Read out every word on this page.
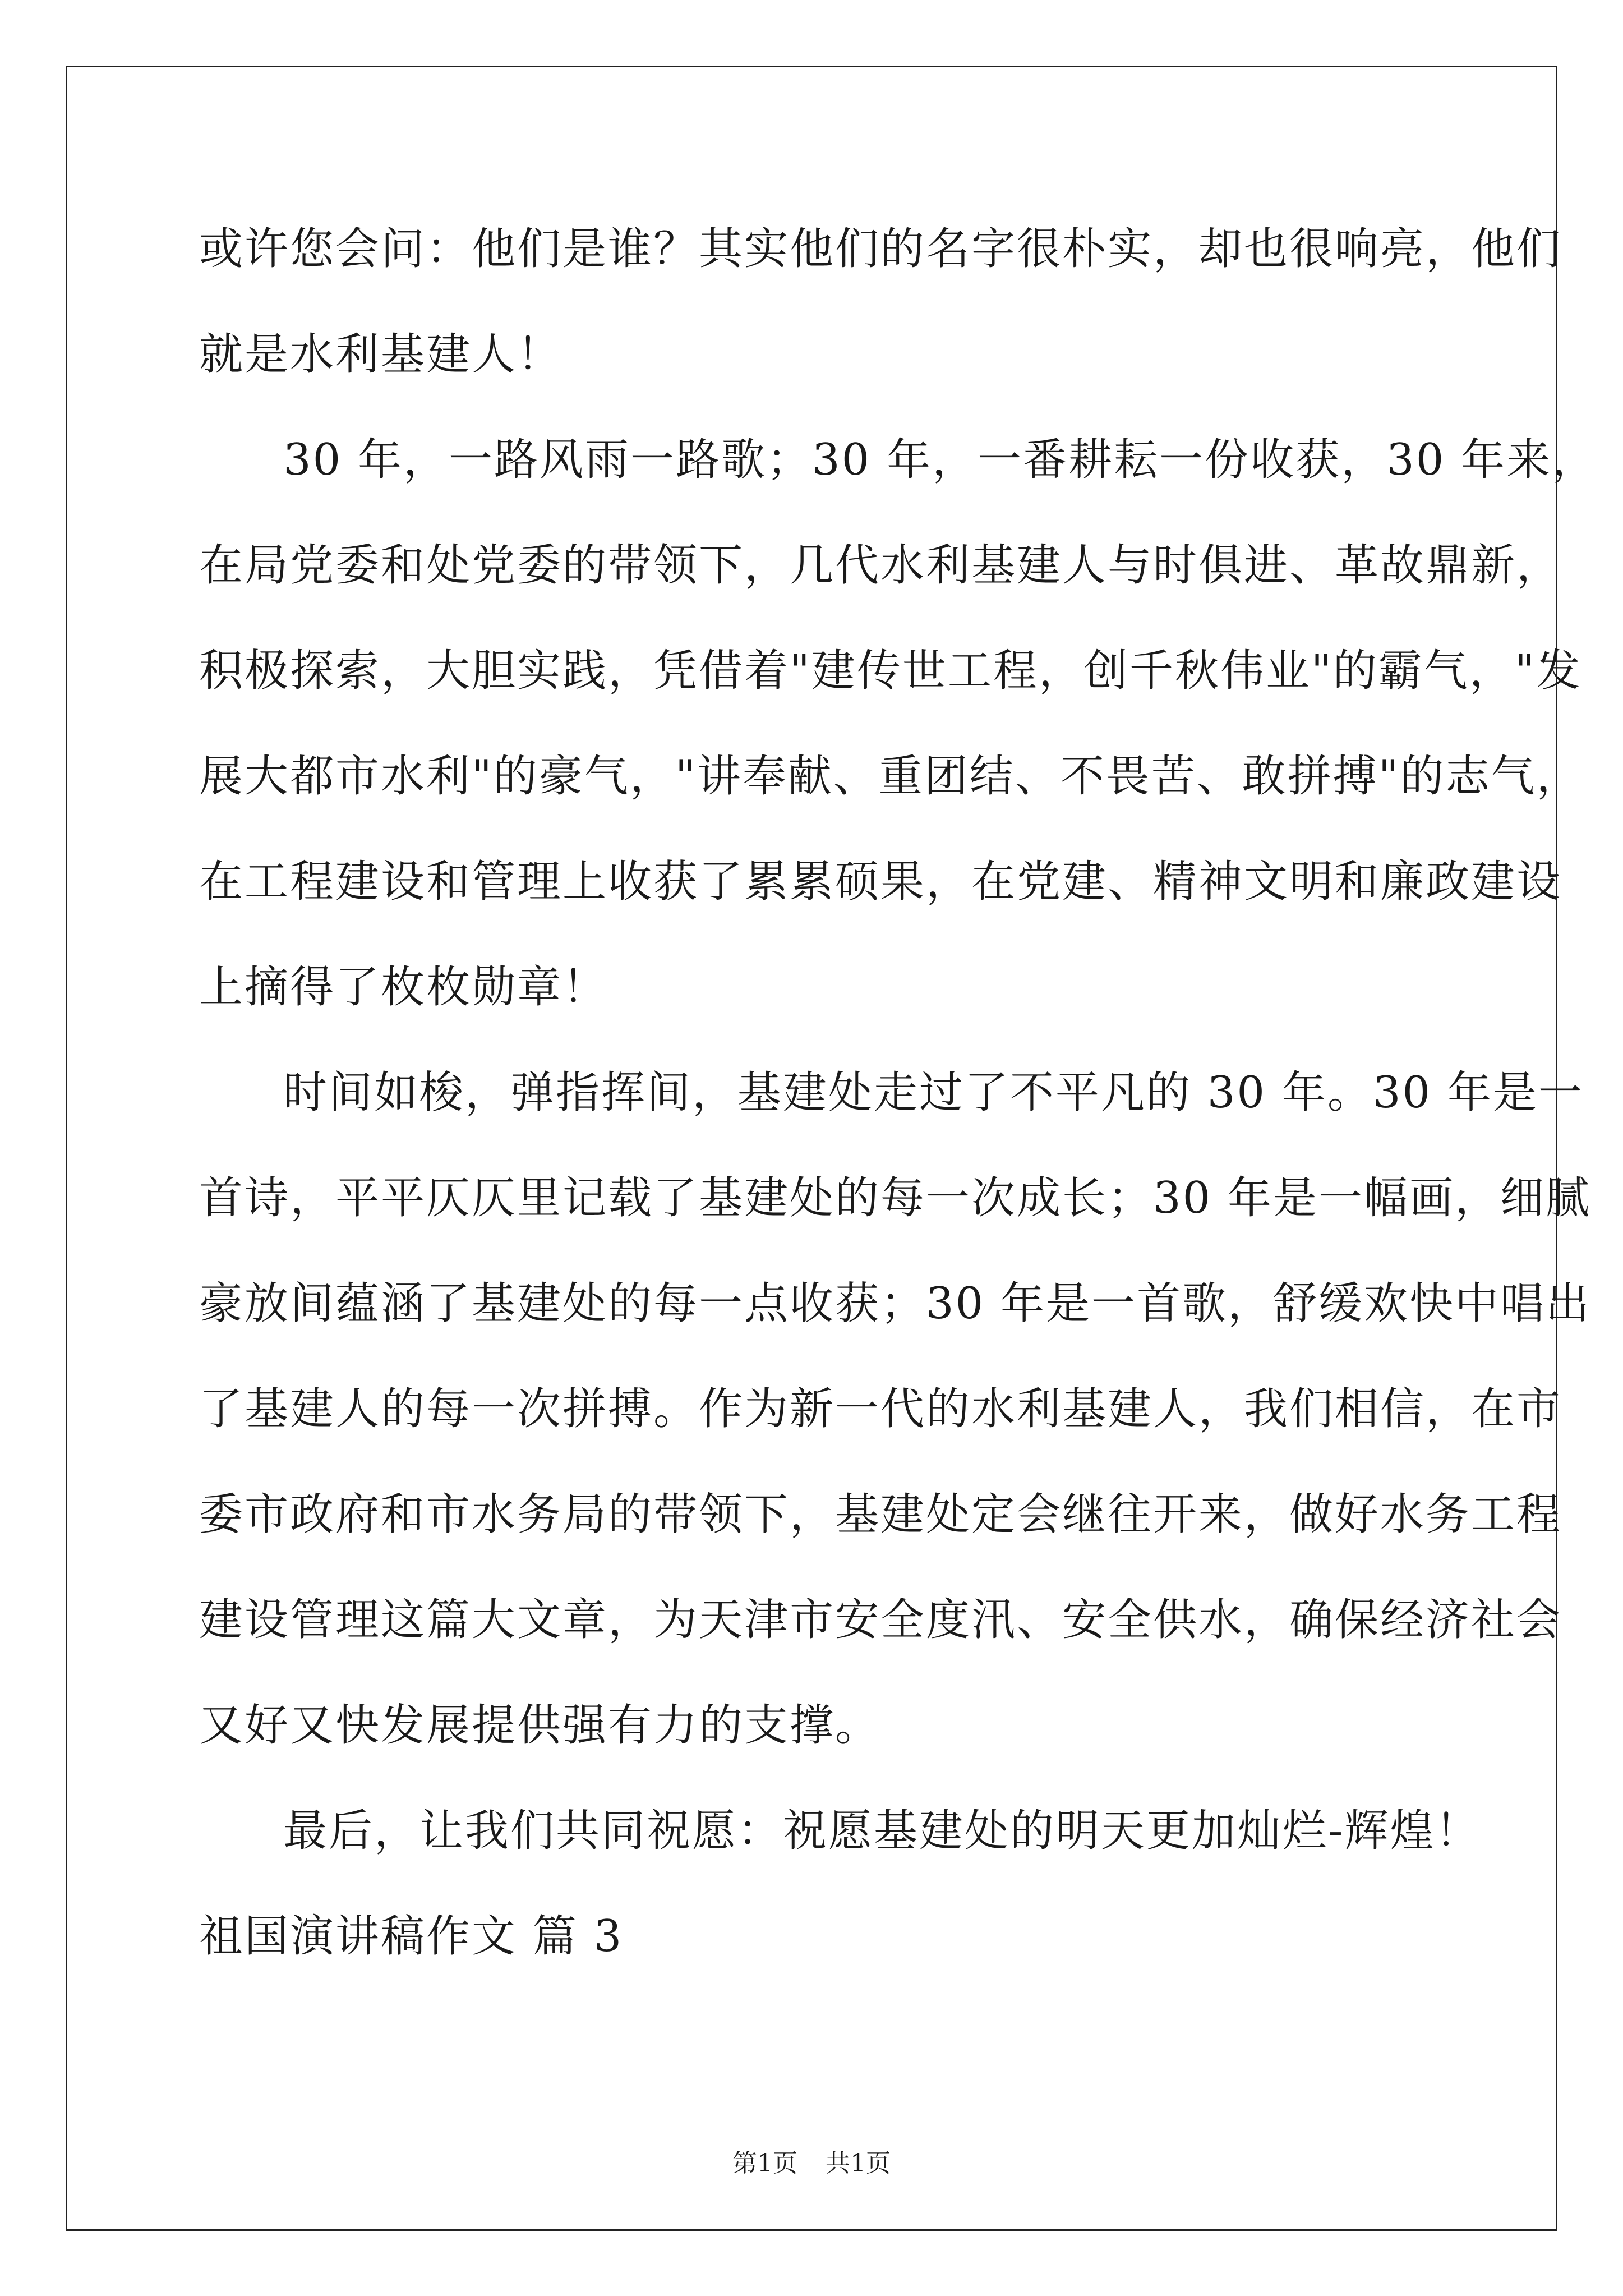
或许您会问：他们是谁？其实他们的名字很朴实，却也很响亮，他们
就是水利基建人！
30 年，一路风雨一路歌；30 年，一番耕耘一份收获，30 年来，
在局党委和处党委的带领下，几代水利基建人与时俱进、革故鼎新，
积极探索，大胆实践，凭借着"建传世工程，创千秋伟业"的霸气，"发
展大都市水利"的豪气，"讲奉献、重团结、不畏苦、敢拼搏"的志气，
在工程建设和管理上收获了累累硕果，在党建、精神文明和廉政建设
上摘得了枚枚勋章！
时间如梭，弹指挥间，基建处走过了不平凡的 30 年。30 年是一
首诗，平平仄仄里记载了基建处的每一次成长；30 年是一幅画，细腻
豪放间蕴涵了基建处的每一点收获；30 年是一首歌，舒缓欢快中唱出
了基建人的每一次拼搏。作为新一代的水利基建人，我们相信，在市
委市政府和市水务局的带领下，基建处定会继往开来，做好水务工程
建设管理这篇大文章，为天津市安全度汛、安全供水，确保经济社会
又好又快发展提供强有力的支撑。
最后，让我们共同祝愿：祝愿基建处的明天更加灿烂-辉煌！
祖国演讲稿作文 篇 3
第1页 共1页
